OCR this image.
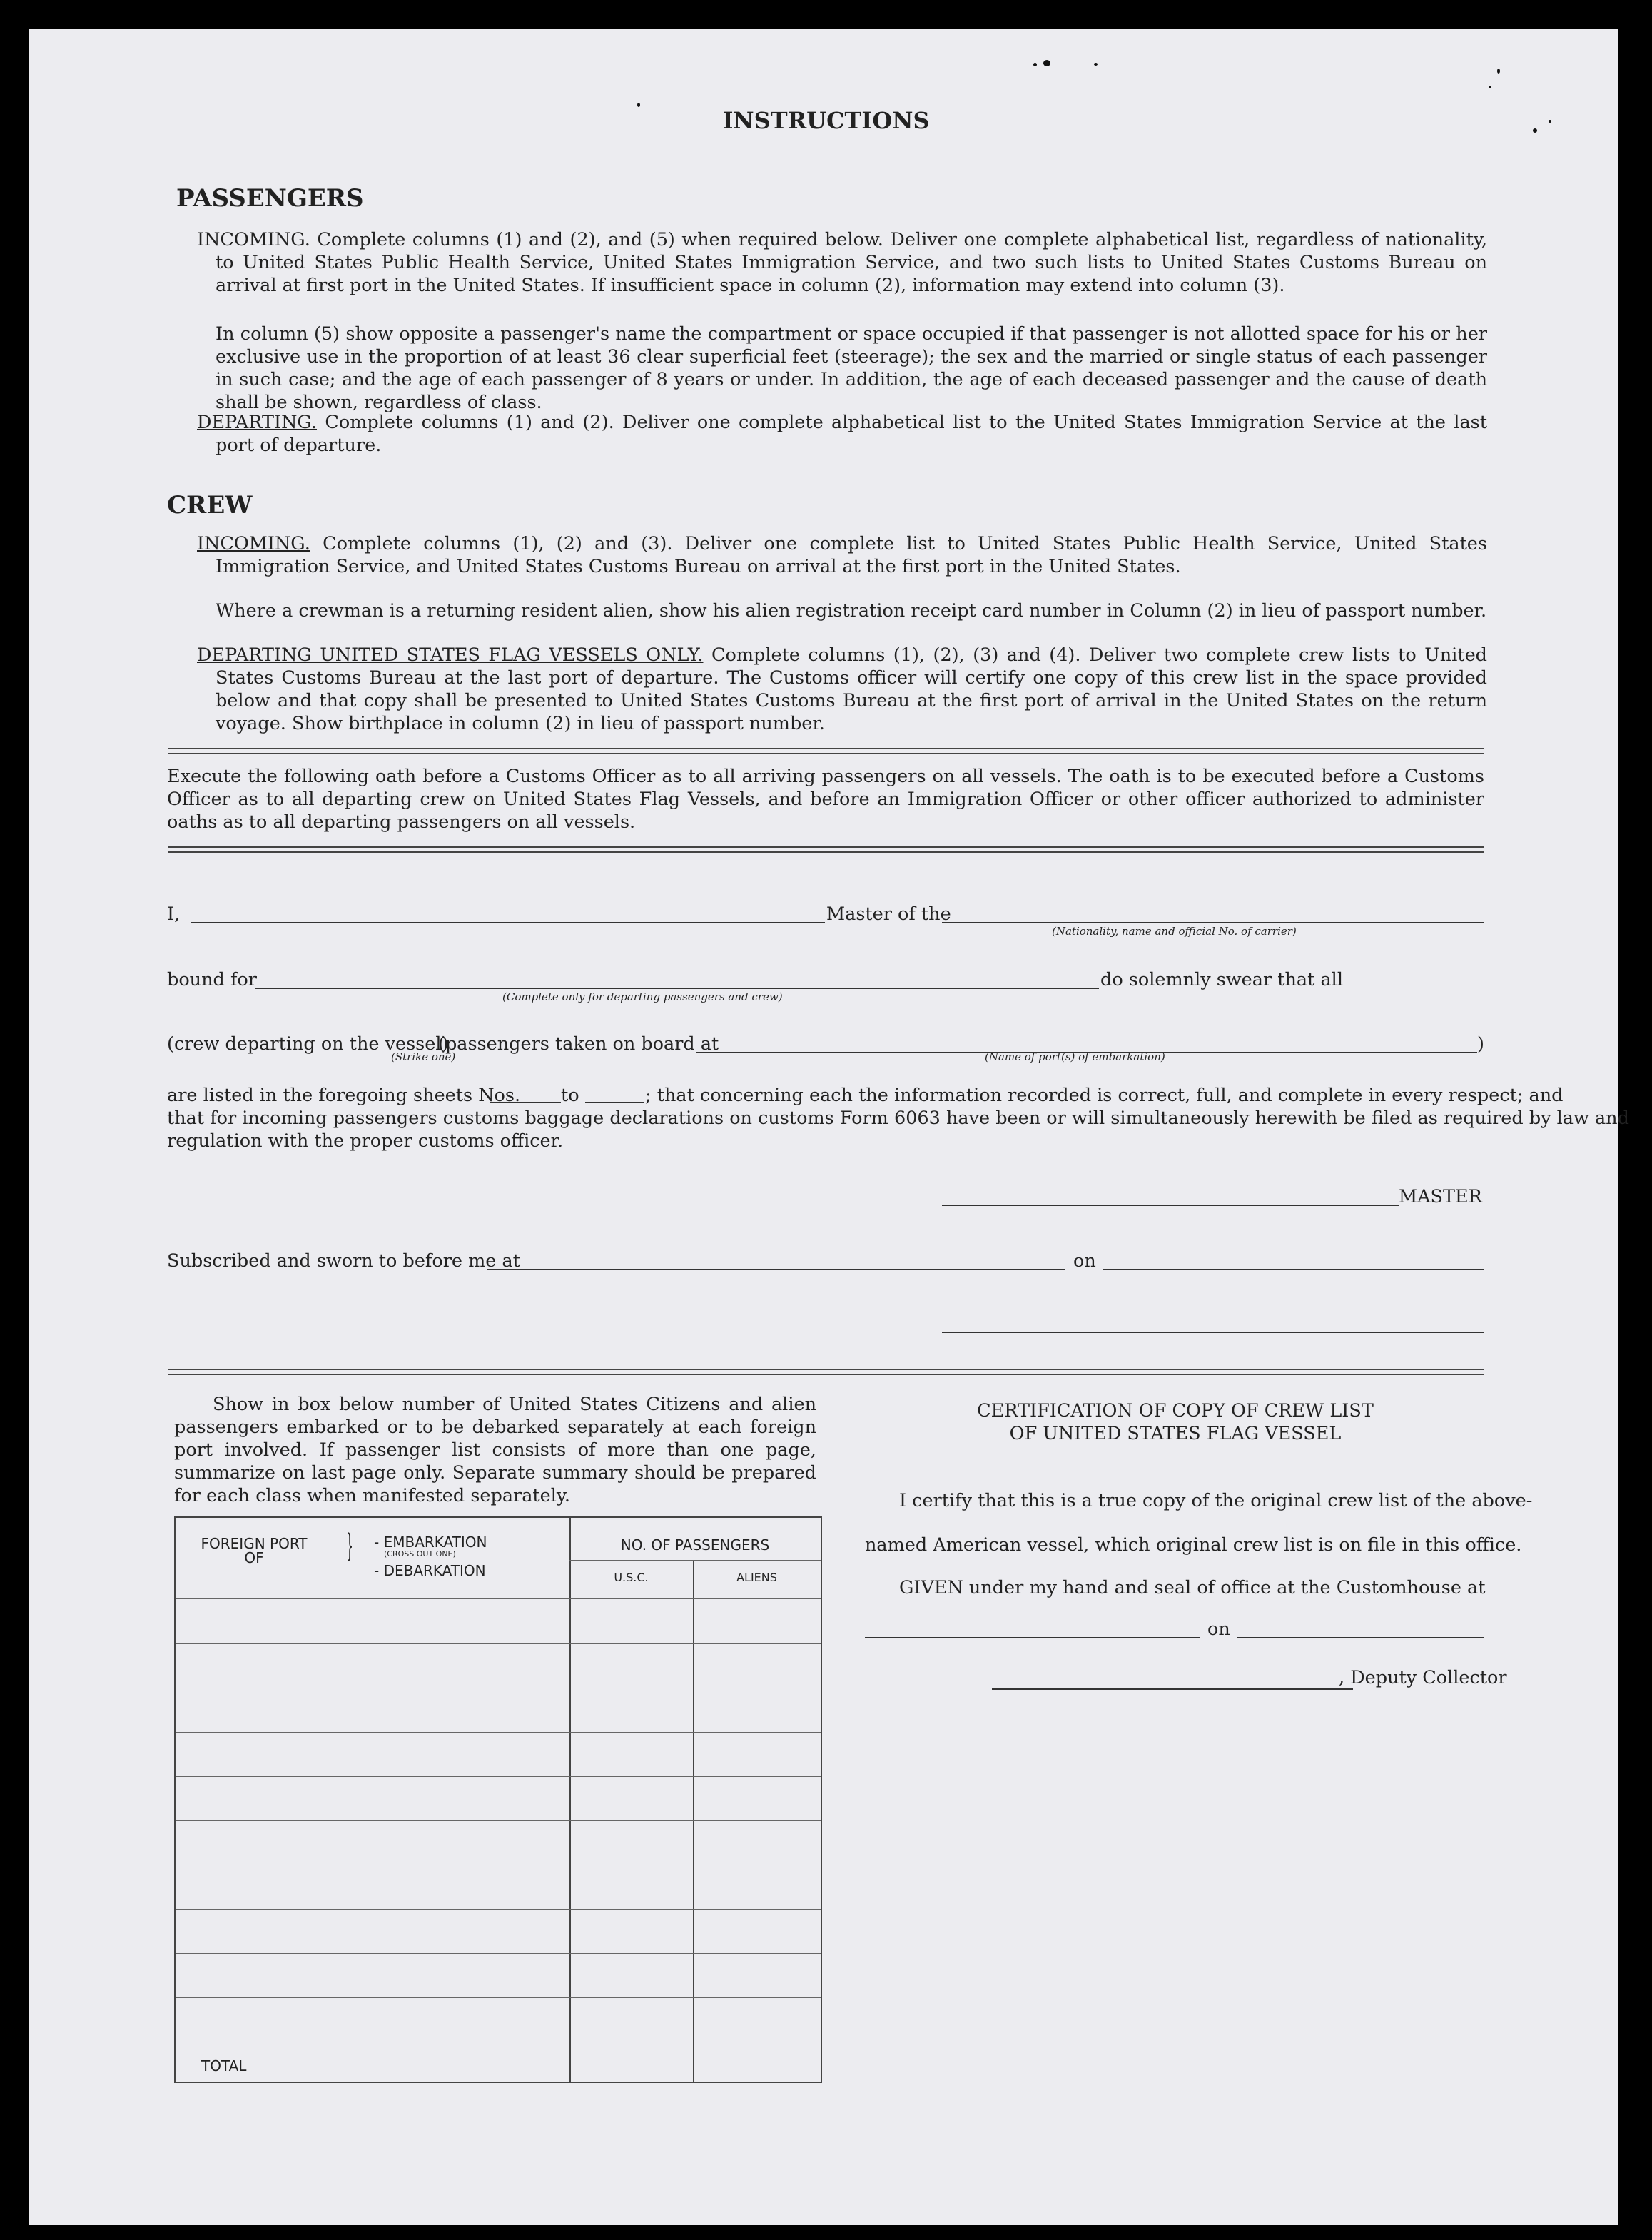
INSTRUCTIONS
PASSENGERS
INCOMING. Complete columns (1) and (2), and (5) when required below. Deliver one complete alphabetical list, regardless of nationality, to United States Public Health Service, United States Immigration Service, and two such lists to United States Customs Bureau on arrival at first port in the United States. If insufficient space in column (2), information may extend into column (3).
In column (5) show opposite a passenger's name the compartment or space occupied if that passenger is not allotted space for his or her exclusive use in the proportion of at least 36 clear superficial feet (steerage); the sex and the married or single status of each passenger in such case; and the age of each passenger of 8 years or under. In addition, the age of each deceased passenger and the cause of death shall be shown, regardless of class.
DEPARTING. Complete columns (1) and (2). Deliver one complete alphabetical list to the United States Immigration Service at the last port of departure.
CREW
INCOMING. Complete columns (1), (2) and (3). Deliver one complete list to United States Public Health Service, United States Immigration Service, and United States Customs Bureau on arrival at the first port in the United States.
Where a crewman is a returning resident alien, show his alien registration receipt card number in Column (2) in lieu of passport number.
DEPARTING UNITED STATES FLAG VESSELS ONLY. Complete columns (1), (2), (3) and (4). Deliver two complete crew lists to United States Customs Bureau at the last port of departure. The Customs officer will certify one copy of this crew list in the space provided below and that copy shall be presented to United States Customs Bureau at the first port of arrival in the United States on the return voyage. Show birthplace in column (2) in lieu of passport number.
Execute the following oath before a Customs Officer as to all arriving passengers on all vessels. The oath is to be executed before a Customs Officer as to all departing crew on United States Flag Vessels, and before an Immigration Officer or other officer authorized to administer oaths as to all departing passengers on all vessels.
I,	Master of the
(Nationality, name and official No. of carrier)
bound for
(Complete only for departing passengers and crew)
do solemnly swear that all
(crew departing on the vessel)
(passengers taken on board at	)
(Strike one)	(Name of port(s) of embarkation)
are listed in the foregoing sheets Nos. to	; that concerning each the information recorded is correct, full, and complete in every respect; and
that for incoming passengers customs baggage declarations on customs Form 6063 have been or will simultaneously herewith be filed as required by law and
regulation with the proper customs officer.
MASTER
Subscribed and sworn to before me at	on
Show in box below number of United States Citizens and alien passengers embarked or to be debarked separately at each foreign port involved. If passenger list consists of more than one page, summarize on last page only. Separate summary should be prepared for each class when manifested separately.
FOREIGN PORT OF	} - EMBARKATION
(CROSS OUT ONE)
- DEBARKATION
NO. OF PASSENGERS
U.S.C.	ALIENS
TOTAL
CERTIFICATION OF COPY OF CREW LIST
OF UNITED STATES FLAG VESSEL
I certify that this is a true copy of the original crew list of the above-
named American vessel, which original crew list is on file in this office.
GIVEN under my hand and seal of office at the Customhouse at
on
, Deputy Collector
